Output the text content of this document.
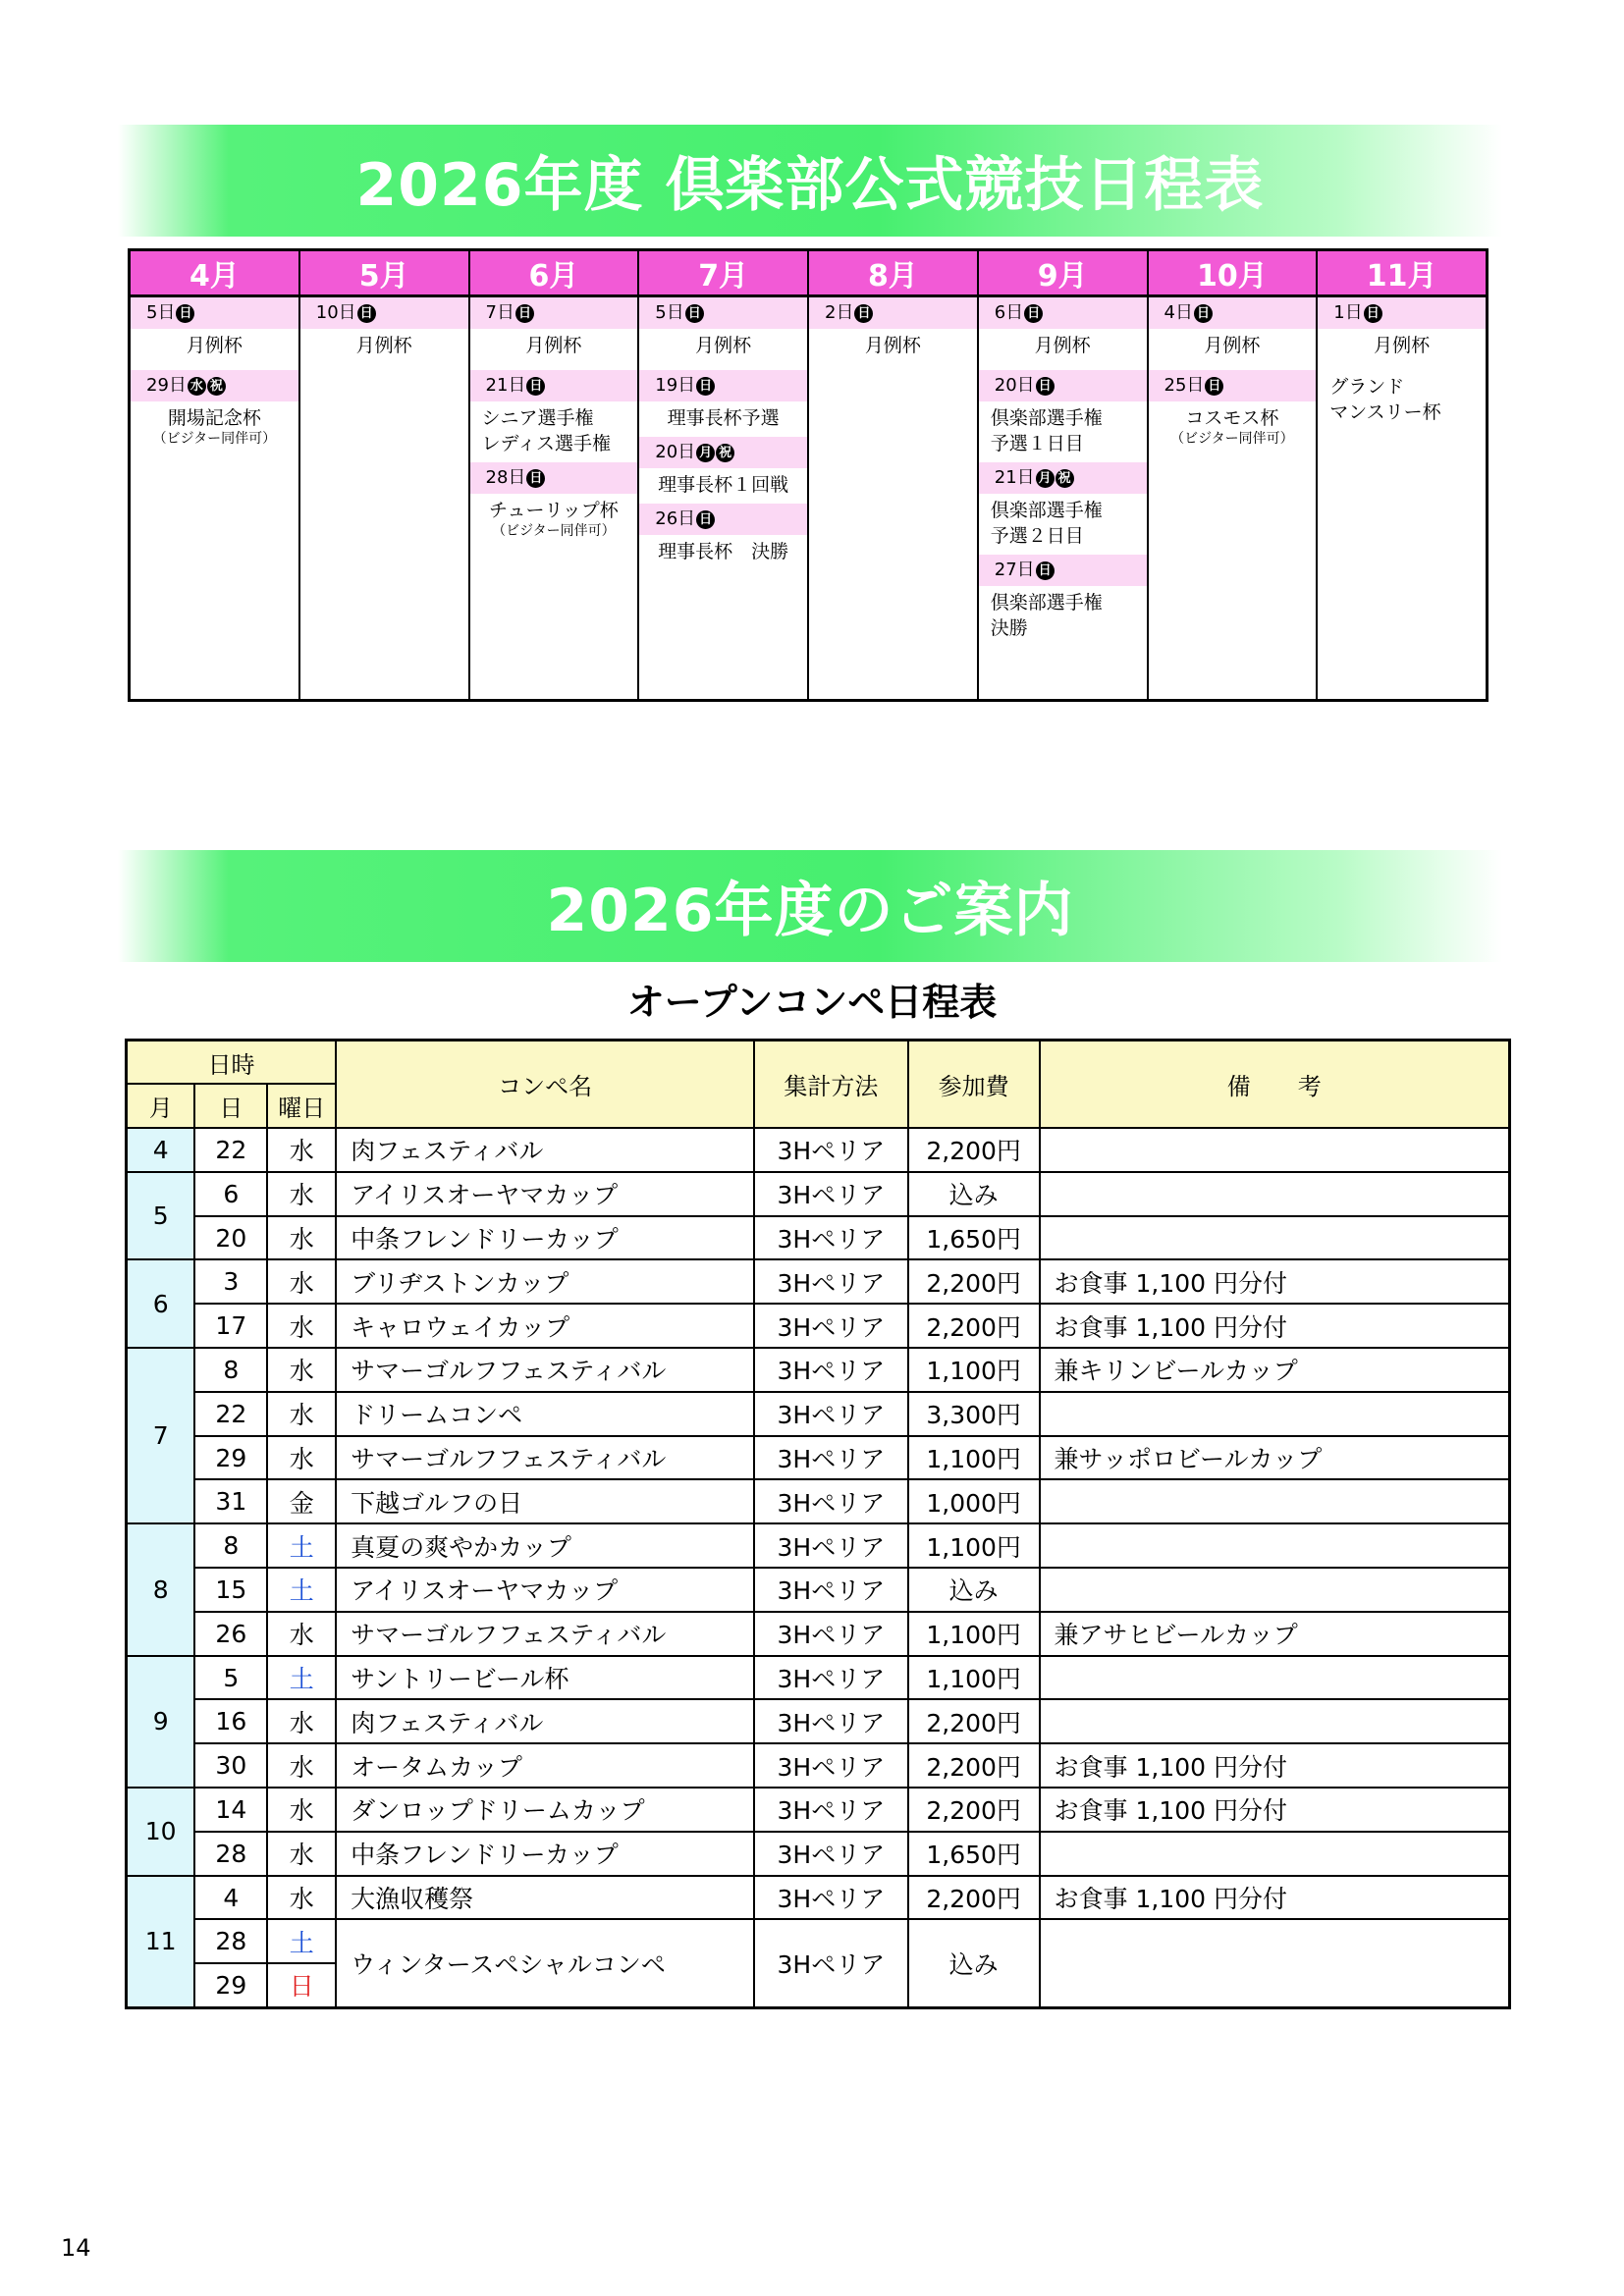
2026年度 倶楽部公式競技日程表
4月
5日 日
月例杯
29日 水 祝
開場記念杯
（ビジター同伴可）
5月
10日 日
月例杯
6月
7日 日
月例杯
21日 日
シニア選手権
レディス選手権
28日 日
チューリップ杯
（ビジター同伴可）
7月
5日 日
月例杯
19日 日
理事長杯予選
20日 月 祝
理事長杯１回戦
26日 日
理事長杯　決勝
8月
2日 日
月例杯
9月
6日 日
月例杯
20日 日
倶楽部選手権
予選１日目
21日 月 祝
倶楽部選手権
予選２日目
27日 日
倶楽部選手権
決勝
10月
4日 日
月例杯
25日 日
コスモス杯
（ビジター同伴可）
11月
1日 日
月例杯
グランド
マンスリー杯
2026年度のご案内
オープンコンペ日程表
日時			コンペ名	集計方法	参加費	備　　考
月	日	曜日				
4	22	水	肉フェスティバル	3Hペリア	2,200円	
5	6	水	アイリスオーヤマカップ	3Hペリア	込み	
	20	水	中条フレンドリーカップ	3Hペリア	1,650円	
6	3	水	ブリヂストンカップ	3Hペリア	2,200円	お食事 1,100 円分付
	17	水	キャロウェイカップ	3Hペリア	2,200円	お食事 1,100 円分付
7	8	水	サマーゴルフフェスティバル	3Hペリア	1,100円	兼キリンビールカップ
	22	水	ドリームコンペ	3Hペリア	3,300円	
	29	水	サマーゴルフフェスティバル	3Hペリア	1,100円	兼サッポロビールカップ
	31	金	下越ゴルフの日	3Hペリア	1,000円	
8	8	土	真夏の爽やかカップ	3Hペリア	1,100円	
	15	土	アイリスオーヤマカップ	3Hペリア	込み	
	26	水	サマーゴルフフェスティバル	3Hペリア	1,100円	兼アサヒビールカップ
9	5	土	サントリービール杯	3Hペリア	1,100円	
	16	水	肉フェスティバル	3Hペリア	2,200円	
	30	水	オータムカップ	3Hペリア	2,200円	お食事 1,100 円分付
10	14	水	ダンロップドリームカップ	3Hペリア	2,200円	お食事 1,100 円分付
	28	水	中条フレンドリーカップ	3Hペリア	1,650円	
11	4	水	大漁収穫祭	3Hペリア	2,200円	お食事 1,100 円分付
	28	土	ウィンタースペシャルコンペ	3Hペリア	込み	
	29	日				
14
